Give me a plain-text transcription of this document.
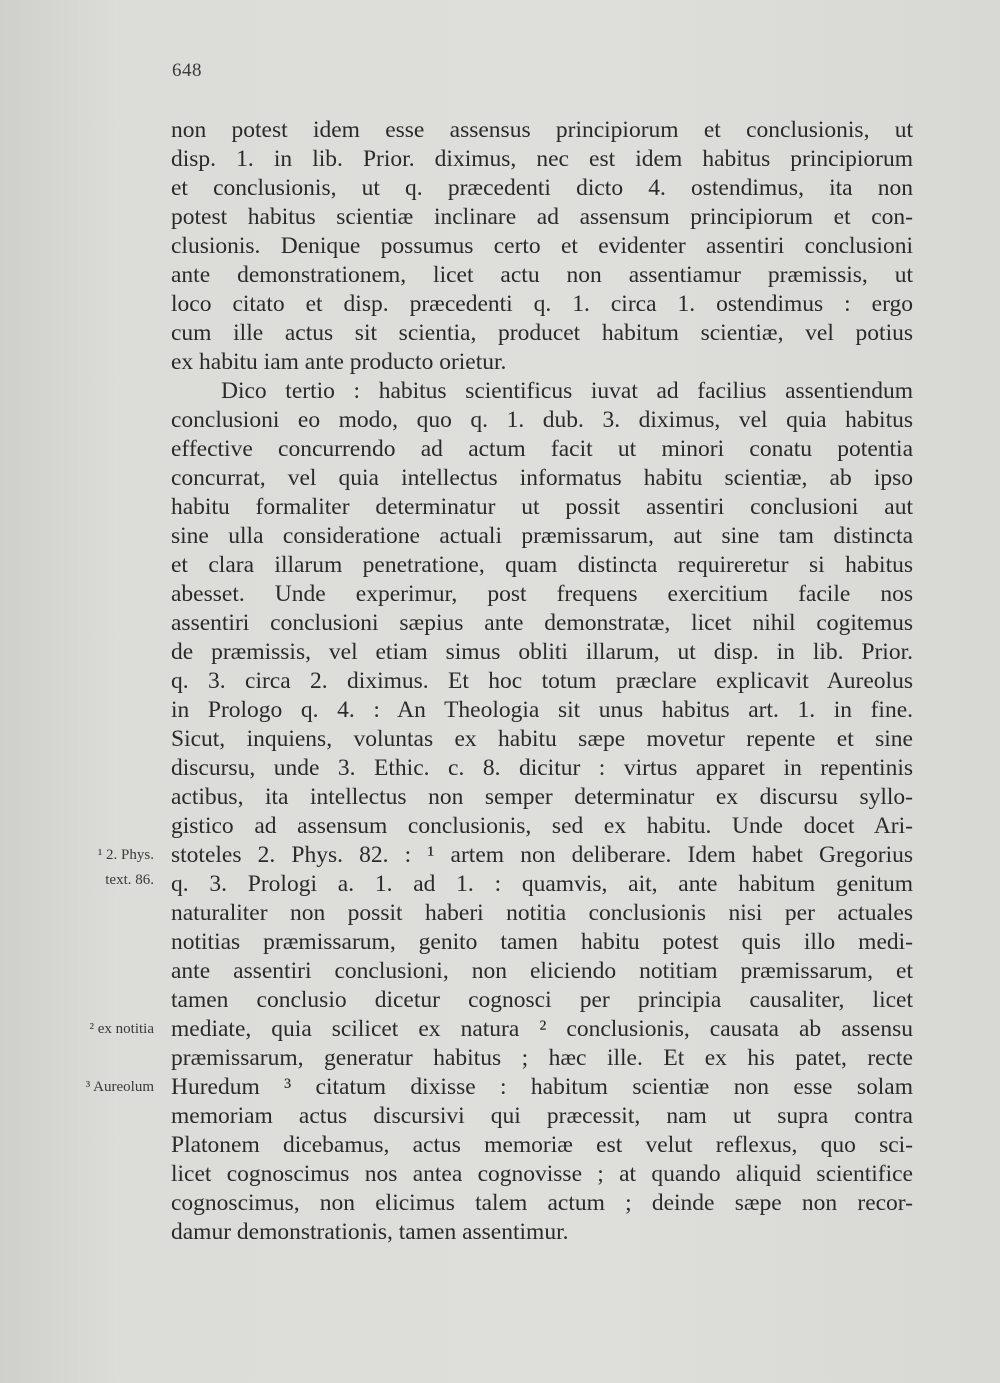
648
non potest idem esse assensus principiorum et conclusionis, ut
disp. 1. in lib. Prior. diximus, nec est idem habitus principiorum
et conclusionis, ut q. præcedenti dicto 4. ostendimus, ita non
potest habitus scientiæ inclinare ad assensum principiorum et con-
clusionis. Denique possumus certo et evidenter assentiri conclusioni
ante demonstrationem, licet actu non assentiamur præmissis, ut
loco citato et disp. præcedenti q. 1. circa 1. ostendimus : ergo
cum ille actus sit scientia, producet habitum scientiæ, vel potius
ex habitu iam ante producto orietur.
Dico tertio : habitus scientificus iuvat ad facilius assentiendum
conclusioni eo modo, quo q. 1. dub. 3. diximus, vel quia habitus
effective concurrendo ad actum facit ut minori conatu potentia
concurrat, vel quia intellectus informatus habitu scientiæ, ab ipso
habitu formaliter determinatur ut possit assentiri conclusioni aut
sine ulla consideratione actuali præmissarum, aut sine tam distincta
et clara illarum penetratione, quam distincta requireretur si habitus
abesset. Unde experimur, post frequens exercitium facile nos
assentiri conclusioni sæpius ante demonstratæ, licet nihil cogitemus
de præmissis, vel etiam simus obliti illarum, ut disp. in lib. Prior.
q. 3. circa 2. diximus. Et hoc totum præclare explicavit Aureolus
in Prologo q. 4. : An Theologia sit unus habitus art. 1. in fine.
Sicut, inquiens, voluntas ex habitu sæpe movetur repente et sine
discursu, unde 3. Ethic. c. 8. dicitur : virtus apparet in repentinis
actibus, ita intellectus non semper determinatur ex discursu syllo-
gistico ad assensum conclusionis, sed ex habitu. Unde docet Ari-
stoteles 2. Phys. 82. : ¹ artem non deliberare. Idem habet Gregorius
q. 3. Prologi a. 1. ad 1. : quamvis, ait, ante habitum genitum
naturaliter non possit haberi notitia conclusionis nisi per actuales
notitias præmissarum, genito tamen habitu potest quis illo medi-
ante assentiri conclusioni, non eliciendo notitiam præmissarum, et
tamen conclusio dicetur cognosci per principia causaliter, licet
mediate, quia scilicet ex natura ² conclusionis, causata ab assensu
præmissarum, generatur habitus ; hæc ille. Et ex his patet, recte
Huredum ³ citatum dixisse : habitum scientiæ non esse solam
memoriam actus discursivi qui præcessit, nam ut supra contra
Platonem dicebamus, actus memoriæ est velut reflexus, quo sci-
licet cognoscimus nos antea cognovisse ; at quando aliquid scientifice
cognoscimus, non elicimus talem actum ; deinde sæpe non recor-
damur demonstrationis, tamen assentimur.
¹ 2. Phys.
text. 86.
² ex notitia
³ Aureolum
